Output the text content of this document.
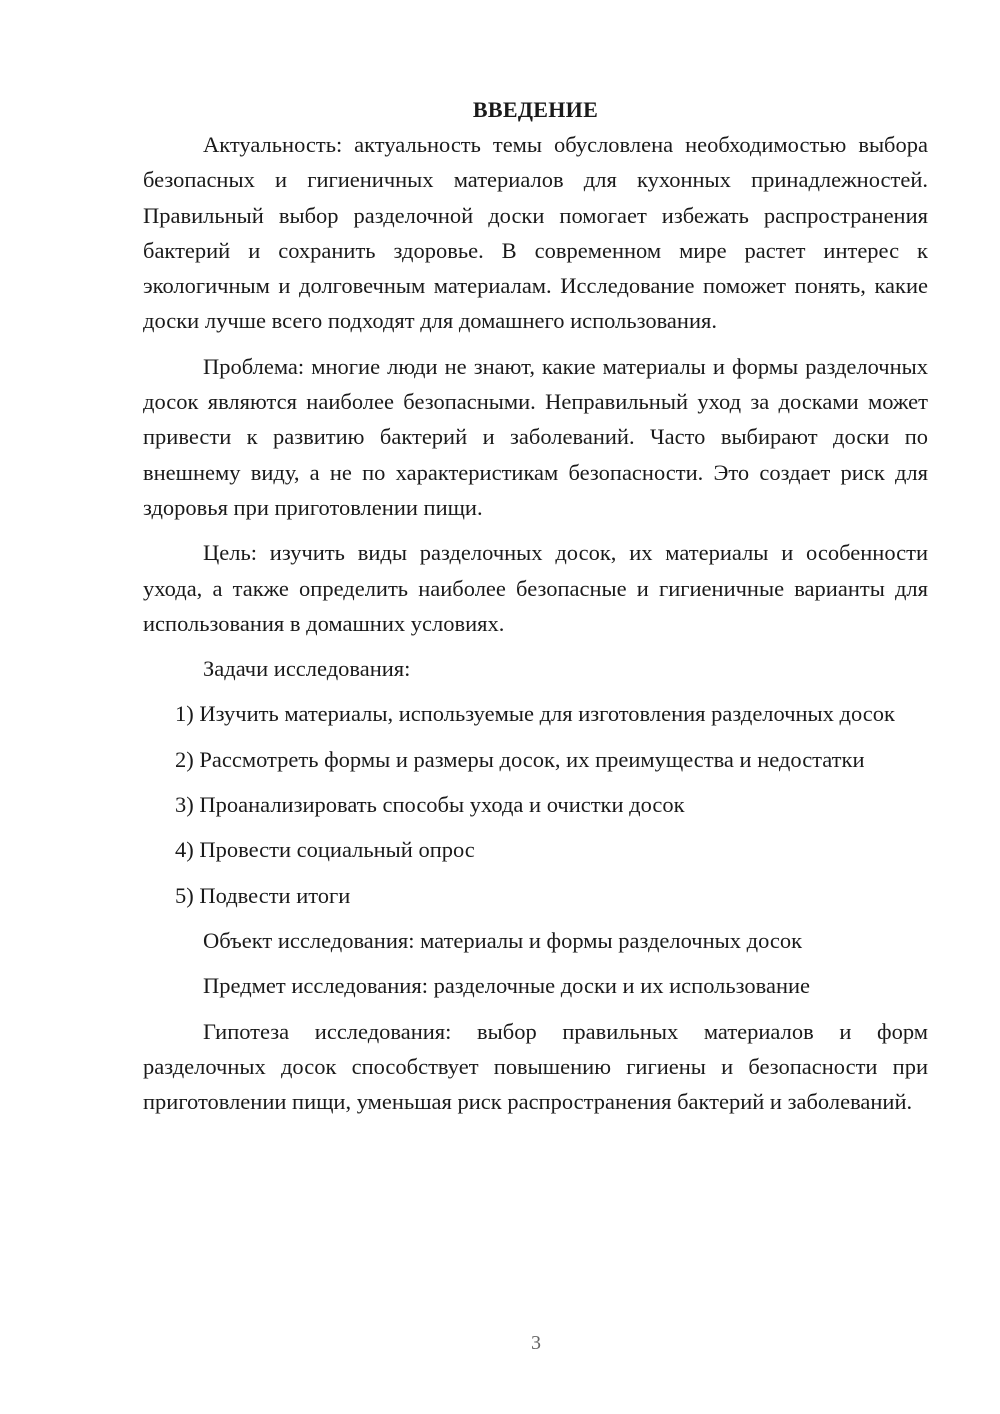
ВВЕДЕНИЕ

Актуальность: актуальность темы обусловлена необходимостью выбора безопасных и гигиеничных материалов для кухонных принадлежностей. Правильный выбор разделочной доски помогает избежать распространения бактерий и сохранить здоровье. В современном мире растет интерес к экологичным и долговечным материалам. Исследование поможет понять, какие доски лучше всего подходят для домашнего использования.

Проблема: многие люди не знают, какие материалы и формы разделочных досок являются наиболее безопасными. Неправильный уход за досками может привести к развитию бактерий и заболеваний. Часто выбирают доски по внешнему виду, а не по характеристикам безопасности. Это создает риск для здоровья при приготовлении пищи.

Цель: изучить виды разделочных досок, их материалы и особенности ухода, а также определить наиболее безопасные и гигиеничные варианты для использования в домашних условиях.

Задачи исследования:

1) Изучить материалы, используемые для изготовления разделочных досок

2) Рассмотреть формы и размеры досок, их преимущества и недостатки

3) Проанализировать способы ухода и очистки досок

4) Провести социальный опрос

5) Подвести итоги

Объект исследования: материалы и формы разделочных досок

Предмет исследования: разделочные доски и их использование

Гипотеза исследования: выбор правильных материалов и форм разделочных досок способствует повышению гигиены и безопасности при приготовлении пищи, уменьшая риск распространения бактерий и заболеваний.

3
